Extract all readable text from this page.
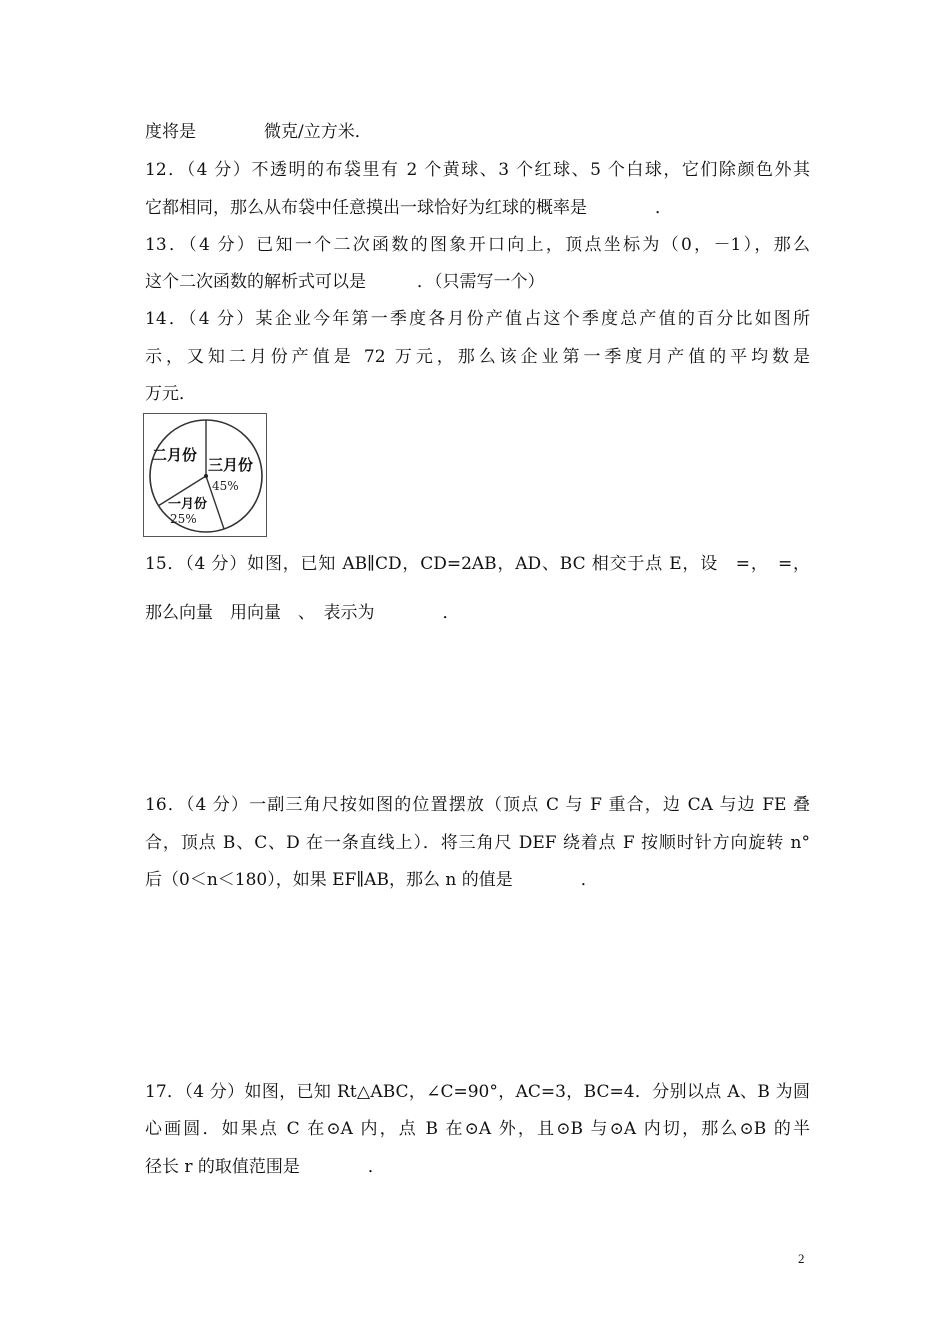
度将是　　　　微克/立方米．
12．（4 分）不透明的布袋里有 2 个黄球、3 个红球、5 个白球，它们除颜色外其
它都相同，那么从布袋中任意摸出一球恰好为红球的概率是　　　　．
13．（4 分）已知一个二次函数的图象开口向上，顶点坐标为（0，－1），那么
这个二次函数的解析式可以是　　　．（只需写一个）
14．（4 分）某企业今年第一季度各月份产值占这个季度总产值的百分比如图所
示，又知二月份产值是 72 万元，那么该企业第一季度月产值的平均数是
万元．
二月份
三月份
45%
一月份
25%
15．（4 分）如图，已知 AB∥CD，CD=2AB，AD、BC 相交于点 E，设　=，　=，
那么向量　用向量　、　表示为　　　　．
16．（4 分）一副三角尺按如图的位置摆放（顶点 C 与 F 重合，边 CA 与边 FE 叠
合，顶点 B、C、D 在一条直线上）．将三角尺 DEF 绕着点 F 按顺时针方向旋转 n°
后（0＜n＜180），如果 EF∥AB，那么 n 的值是　　　　．
17．（4 分）如图，已知 Rt△ABC，∠C=90°，AC=3，BC=4．分别以点 A、B 为圆
心画圆．如果点 C 在⊙A 内，点 B 在⊙A 外，且⊙B 与⊙A 内切，那么⊙B 的半
径长 r 的取值范围是　　　　．
2
